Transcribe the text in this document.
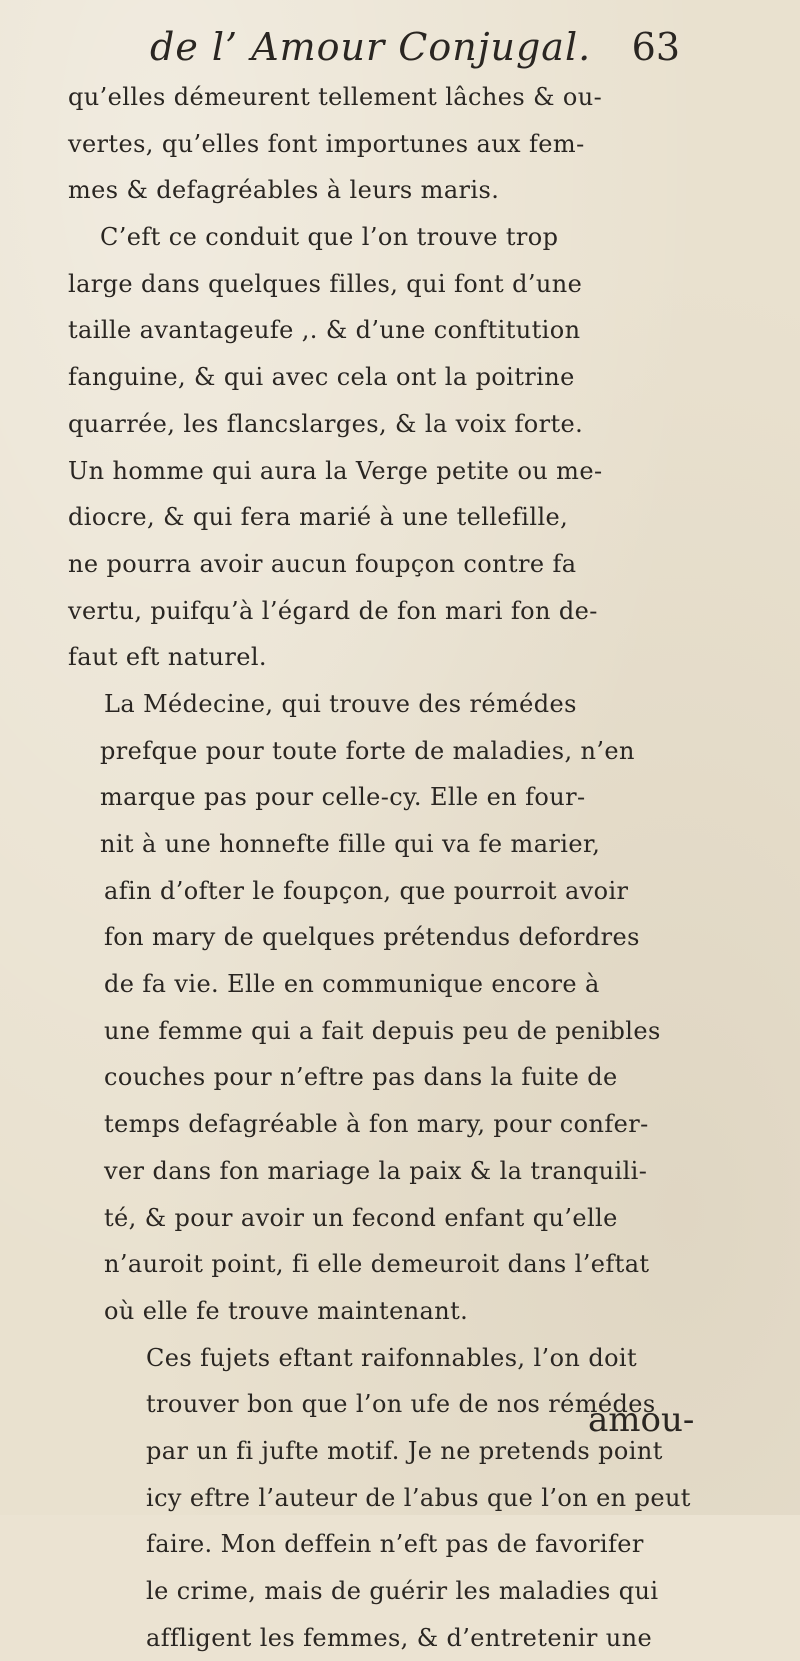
de l’ Amour Conjugal. 63
qu’elles démeurent tellement lâches & ou-
vertes, qu’elles font importunes aux fem-
mes & defagréables à leurs maris.
C’eft ce conduit que l’on trouve trop
large dans quelques filles, qui font d’une
taille avantageufe ,. & d’une conftitution
fanguine, & qui avec cela ont la poitrine
quarrée, les flancslarges, & la voix forte.
Un homme qui aura la Verge petite ou me-
diocre, & qui fera marié à une tellefille,
ne pourra avoir aucun foupçon contre fa
vertu, puifqu’à l’égard de fon mari fon de-
faut eft naturel.
La Médecine, qui trouve des rémédes
prefque pour toute forte de maladies, n’en
marque pas pour celle-cy. Elle en four-
nit à une honnefte fille qui va fe marier,
afin d’ofter le foupçon, que pourroit avoir
fon mary de quelques prétendus defordres
de fa vie. Elle en communique encore à
une femme qui a fait depuis peu de penibles
couches pour n’eftre pas dans la fuite de
temps defagréable à fon mary, pour confer-
ver dans fon mariage la paix & la tranquili-
té, & pour avoir un fecond enfant qu’elle
n’auroit point, fi elle demeuroit dans l’eftat
où elle fe trouve maintenant.
Ces fujets eftant raifonnables, l’on doit
trouver bon que l’on ufe de nos rémédes
par un fi jufte motif. Je ne pretends point
icy eftre l’auteur de l’abus que l’on en peut
faire. Mon deffein n’eft pas de favorifer
le crime, mais de guérir les maladies qui
affligent les femmes, & d’entretenir une
amou-
